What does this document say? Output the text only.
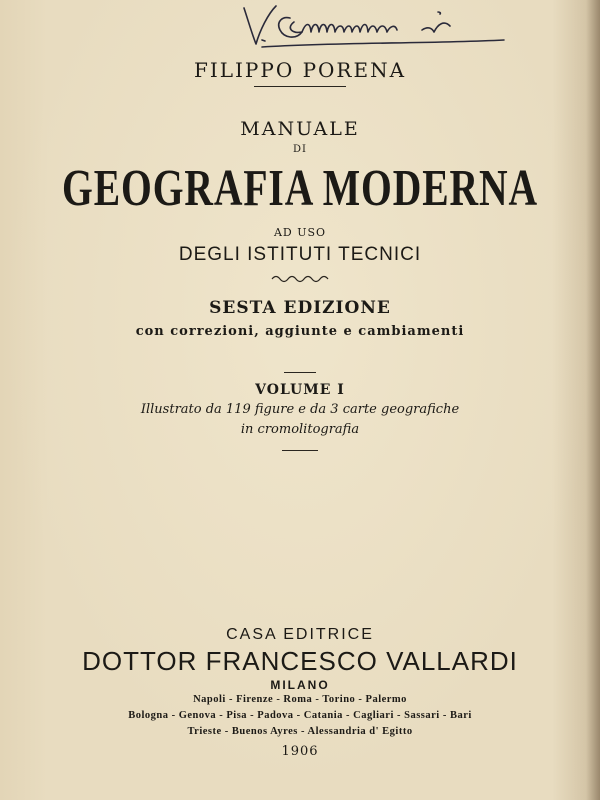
FILIPPO PORENA
MANUALE
DI
GEOGRAFIA MODERNA
AD USO
DEGLI ISTITUTI TECNICI
SESTA EDIZIONE
con correzioni, aggiunte e cambiamenti
VOLUME I
Illustrato da 119 figure e da 3 carte geografiche
in cromolitografia
CASA EDITRICE
DOTTOR FRANCESCO VALLARDI
MILANO
Napoli - Firenze - Roma - Torino - Palermo
Bologna - Genova - Pisa - Padova - Catania - Cagliari - Sassari - Bari
Trieste - Buenos Ayres - Alessandria d' Egitto
1906
